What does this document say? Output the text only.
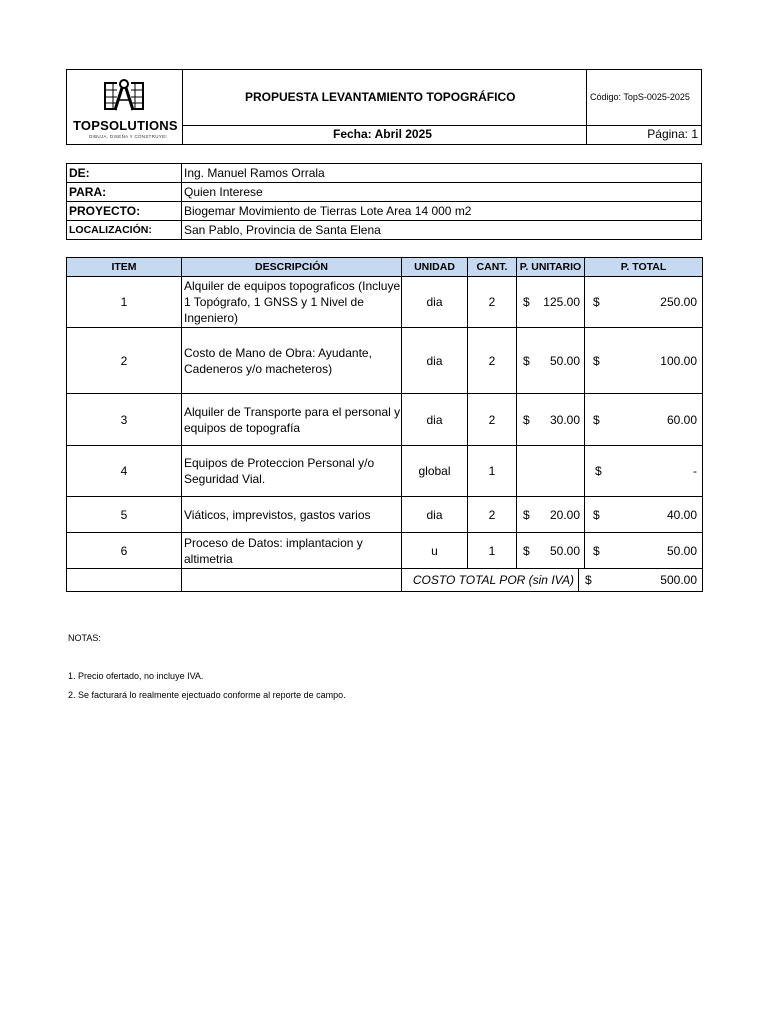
TOPSOLUTIONS
DIBUJA, DISEÑA Y CONSTRUYE!
PROPUESTA LEVANTAMIENTO TOPOGRÁFICO	Código: TopS-0025-2025
Fecha: Abril 2025	Página: 1
DE:	Ing. Manuel Ramos Orrala
PARA:	Quien Interese
PROYECTO:	Biogemar Movimiento de Tierras Lote Area 14 000 m2
LOCALIZACIÓN:	San Pablo, Provincia de Santa Elena
ITEM	DESCRIPCIÓN	UNIDAD	CANT.	P. UNITARIO	P. TOTAL
1	Alquiler de equipos topograficos (Incluye 1 Topógrafo, 1 GNSS y 1 Nivel de Ingeniero)	dia	2	$ 125.00	$ 250.00

2	Costo de Mano de Obra: Ayudante, Cadeneros y/o macheteros)	dia	2	$ 50.00	$ 100.00

3	Alquiler de Transporte para el personal y equipos de topografía	dia	2	$ 30.00	$ 60.00

4	Equipos de Proteccion Personal y/o Seguridad Vial.	global	1		$ -

5	Viáticos, imprevistos, gastos varios	dia	2	$ 20.00	$ 40.00

6	Proceso de Datos: implantacion y altimetria	u	1	$ 50.00	$ 50.00

		COSTO TOTAL POR (sin IVA) $ 500.00			
NOTAS:
1. Precio ofertado, no incluye IVA.
2. Se facturará lo realmente ejectuado conforme al reporte de campo.
